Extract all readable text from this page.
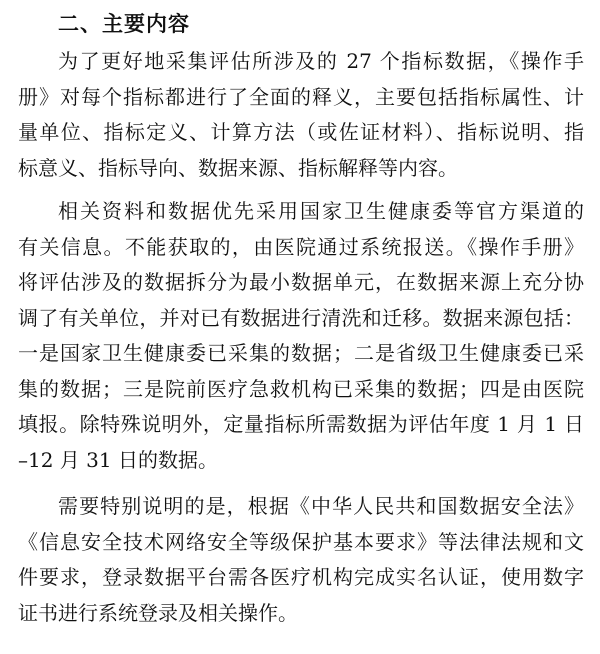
二、主要内容
为了更好地采集评估所涉及的 27 个指标数据，《操作手
册》对每个指标都进行了全面的释义，主要包括指标属性、计
量单位、指标定义、计算方法（或佐证材料）、指标说明、指
标意义、指标导向、数据来源、指标解释等内容。
相关资料和数据优先采用国家卫生健康委等官方渠道的
有关信息。不能获取的，由医院通过系统报送。《操作手册》
将评估涉及的数据拆分为最小数据单元，在数据来源上充分协
调了有关单位，并对已有数据进行清洗和迁移。数据来源包括：
一是国家卫生健康委已采集的数据；二是省级卫生健康委已采
集的数据；三是院前医疗急救机构已采集的数据；四是由医院
填报。除特殊说明外，定量指标所需数据为评估年度 1 月 1 日
–12 月 31 日的数据。
需要特别说明的是，根据《中华人民共和国数据安全法》
《信息安全技术网络安全等级保护基本要求》等法律法规和文
件要求，登录数据平台需各医疗机构完成实名认证，使用数字
证书进行系统登录及相关操作。
